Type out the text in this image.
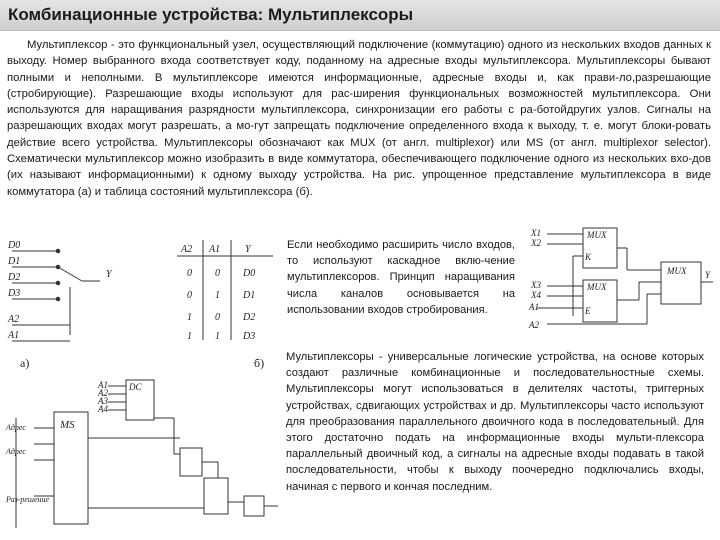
Комбинационные устройства: Мультиплексоры

Мультиплексор - это функциональный узел, осуществляющий подключение (коммутацию) одного из нескольких входов данных к выходу. Номер выбранного входа соответствует коду, поданному на адресные входы мультиплексора. Мультиплексоры бывают полными и неполными. В мультиплексоре имеются информационные, адресные входы и, как прави-ло,разрешающие (стробирующие). Разрешающие входы используют для рас-ширения функциональных возможностей мультиплексора. Они используются для наращивания разрядности мультиплексора, синхронизации его работы с ра-ботойдругих узлов. Сигналы на разрешающих входах могут разрешать, а мо-гут запрещать подключение определенного входа к выходу, т. е. могут блоки-ровать действие всего устройства. Мультиплексоры обозначают как MUX (от англ. multiplexor) или MS (от англ. multiplexor selector). Схематически мультиплексор можно изобразить в виде коммутатора, обеспечивающего подключение одного из нескольких вхо-дов (их называют информационными) к одному выходу устройства. На рис. упрощенное представление мультиплексора в виде коммутатора (а) и таблица состояний мультиплексора (б).

D0
D1
D2
D3
A2
A1
Y
а)
A2 A1 Y
0 0 D0
0 1 D1
1 0 D2
1 1 D3
б)

Если необходимо расширить число входов, то используют каскадное вклю-чение мультиплексоров. Принцип наращивания числа каналов основывается на использовании входов стробирования.

MUX
MUX
MUX
X1
X2
X3
X4
A1
A2
K
E
Y
DC
MS
A1
A2
A3
A4
Адрес
Адрес
Раз-решение

Мультиплексоры - универсальные логические устройства, на основе которых создают различные комбинационные и последовательностные схемы. Мультиплексоры могут использоваться в делителях частоты, триггерных устройствах, сдвигающих устройствах и др. Мультиплексоры часто используют для преобразования параллельного двоичного кода в последовательный. Для этого достаточно подать на информационные входы мульти-плексора параллельный двоичный код, а сигналы на адресные входы подавать в такой последовательности, чтобы к выходу поочередно подключались входы, начиная с первого и кончая последним.
